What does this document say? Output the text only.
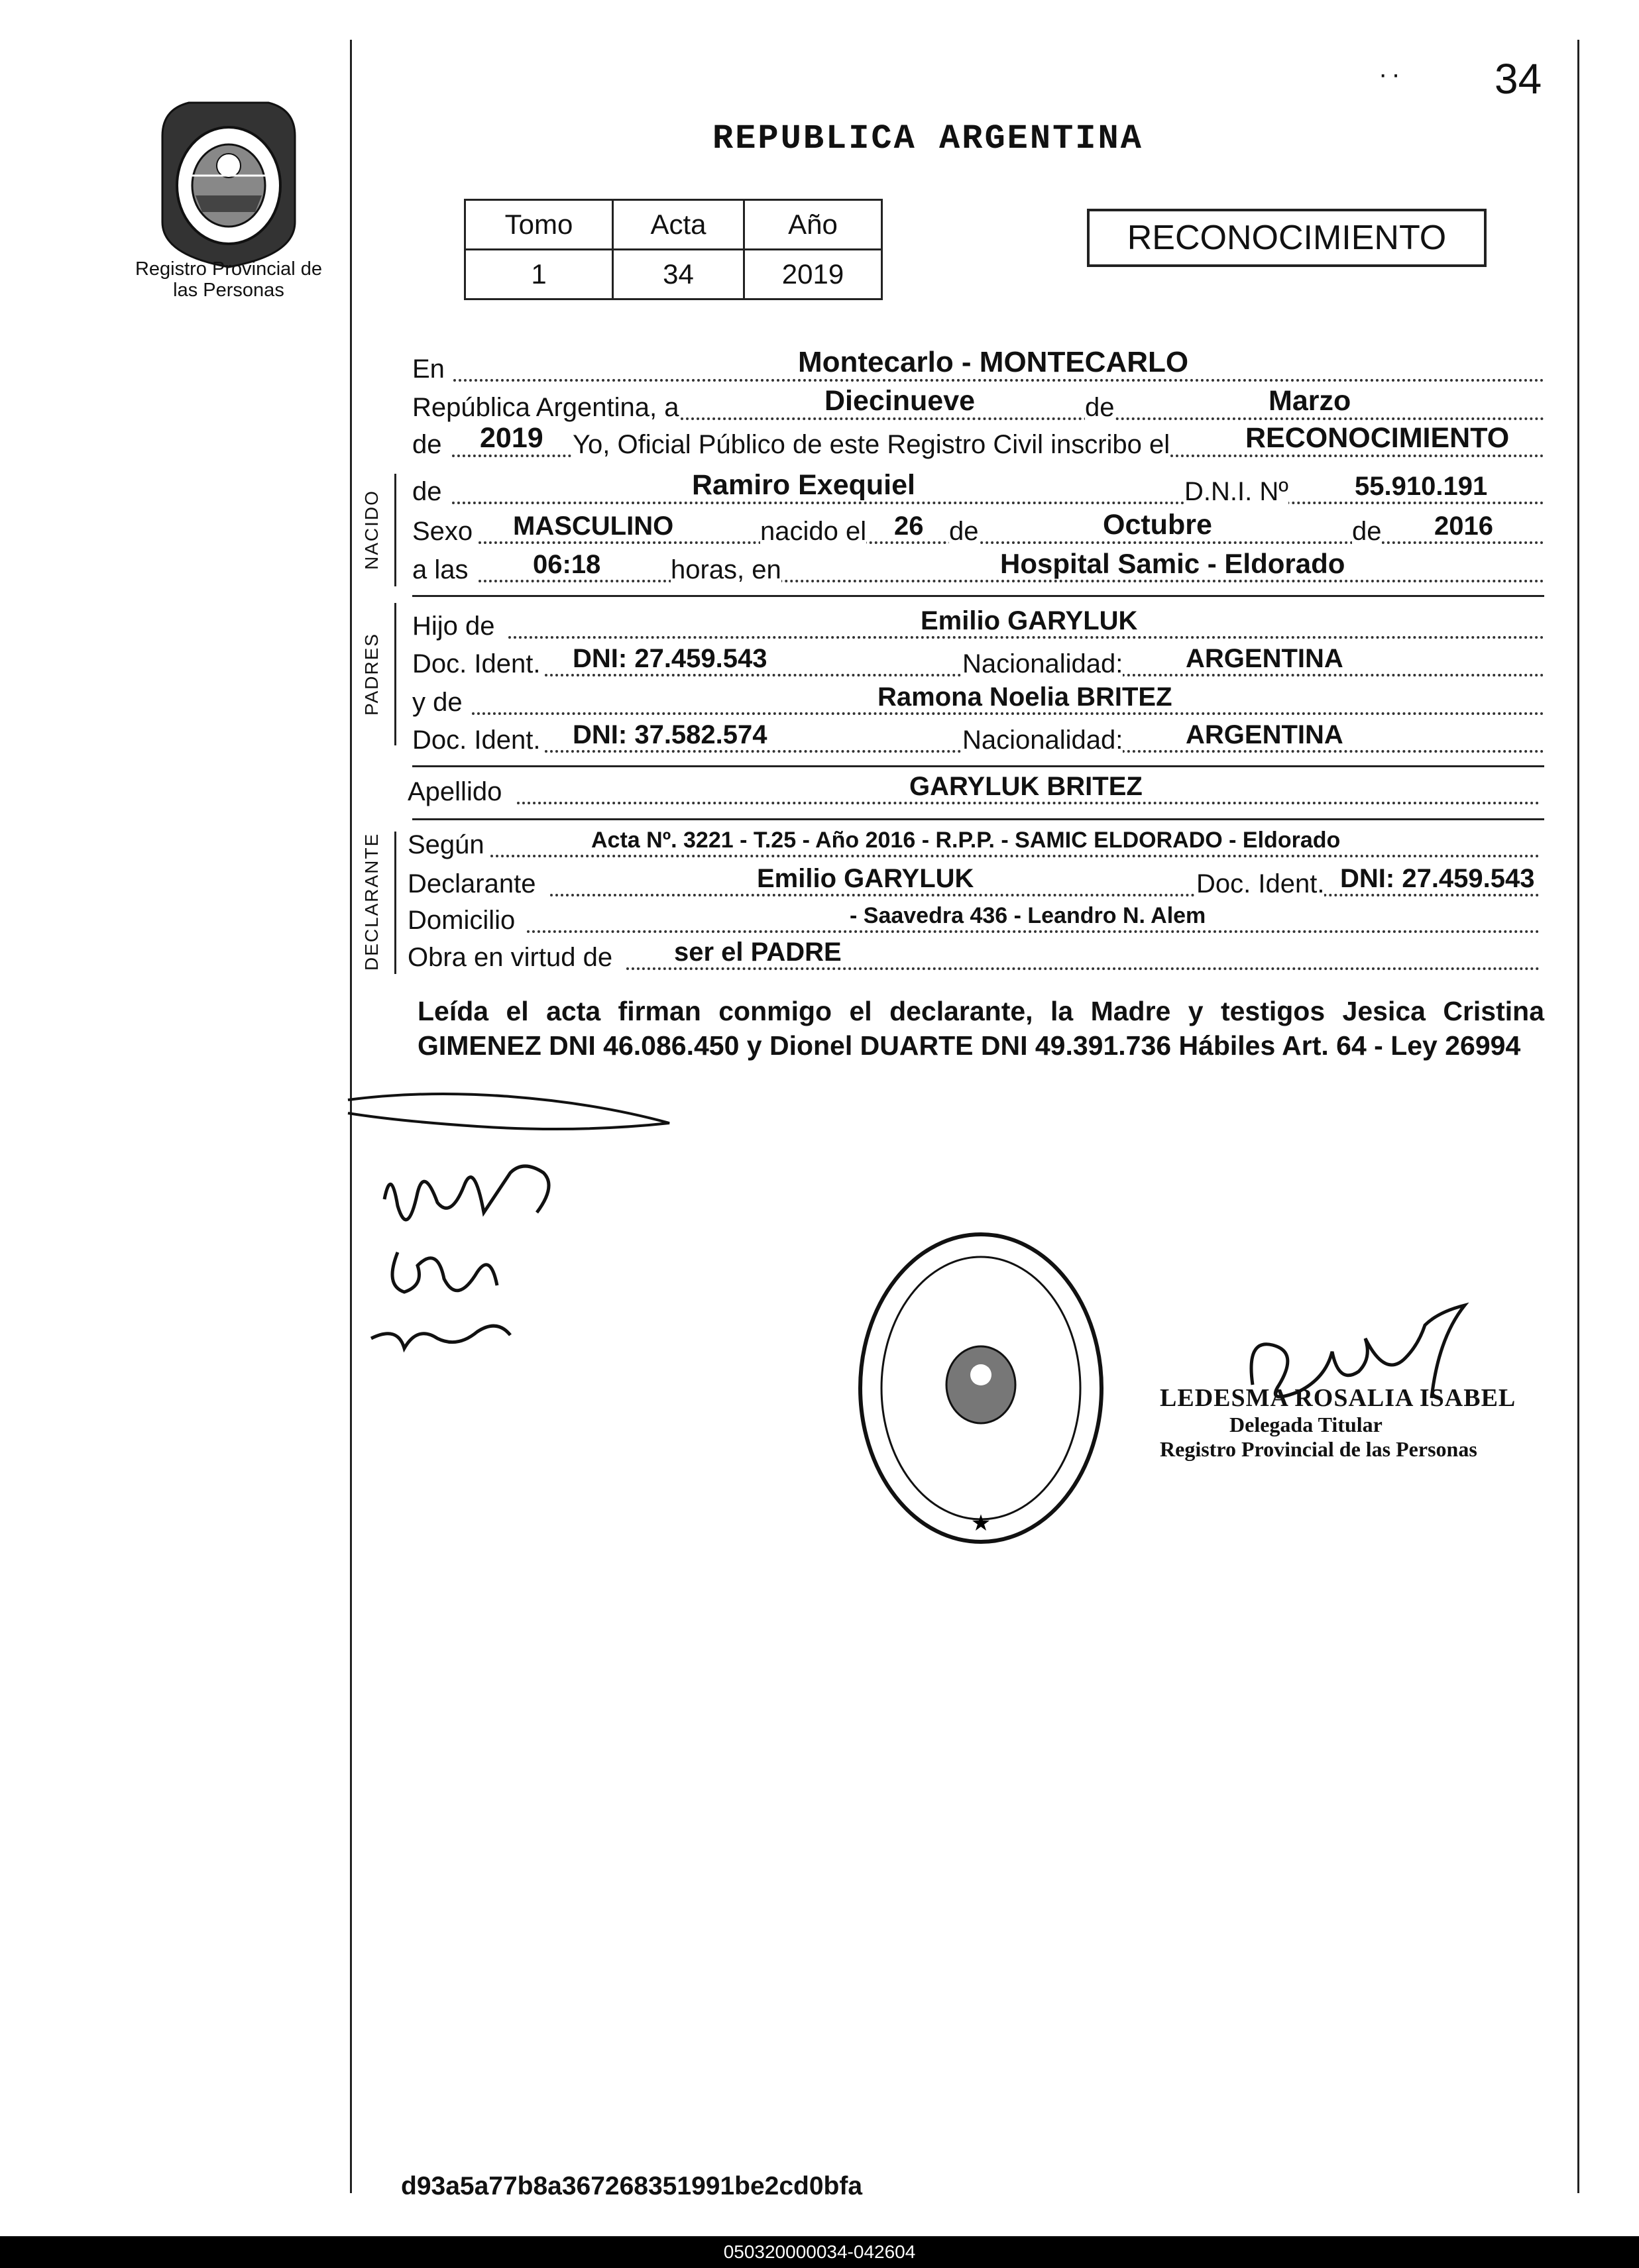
·· 34
Registro Provincial de las Personas
REPUBLICA ARGENTINA
Tomo	Acta	Año
1	34	2019
RECONOCIMIENTO
En	Montecarlo - MONTECARLO
República Argentina, a	Diecinueve	de	Marzo
de 2019 Yo, Oficial Público de este Registro Civil inscribo el	RECONOCIMIENTO
NACIDO de	Ramiro Exequiel	D.N.I. Nº	55.910.191
Sexo MASCULINO	nacido el 26 de	Octubre	de 2016
a las 06:18	horas, en	Hospital Samic - Eldorado
PADRES
Hijo de	Emilio GARYLUK
Doc. Ident. DNI: 27.459.543	Nacionalidad: ARGENTINA
y de	Ramona Noelia BRITEZ
Doc. Ident. DNI: 37.582.574	Nacionalidad: ARGENTINA
Apellido	GARYLUK BRITEZ
DECLARANTE Según	Acta Nº. 3221 - T.25 - Año 2016 - R.P.P. - SAMIC ELDORADO - Eldorado
Declarante	Emilio GARYLUK	Doc. Ident. DNI: 27.459.543
Domicilio	- Saavedra 436 - Leandro N. Alem
Obra en virtud de ser el PADRE
Leída el acta firman conmigo el declarante, la Madre y testigos Jesica Cristina GIMENEZ DNI 46.086.450 y Dionel DUARTE DNI 49.391.736 Hábiles Art. 64 - Ley 26994
★
LEDESMA ROSALIA ISABEL
Delegada Titular
Registro Provincial de las Personas
d93a5a77b8a367268351991be2cd0bfa
050320000034-042604
